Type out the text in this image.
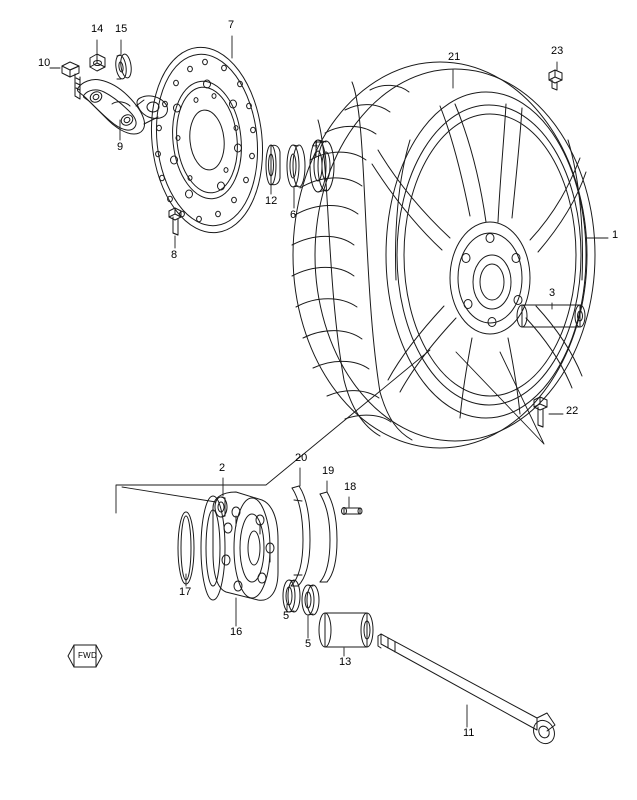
10
14 15
9
7
8
12
6
4
21	23
1
3
22
2
20
19
18
17
16
5
5
13
11
FWD
